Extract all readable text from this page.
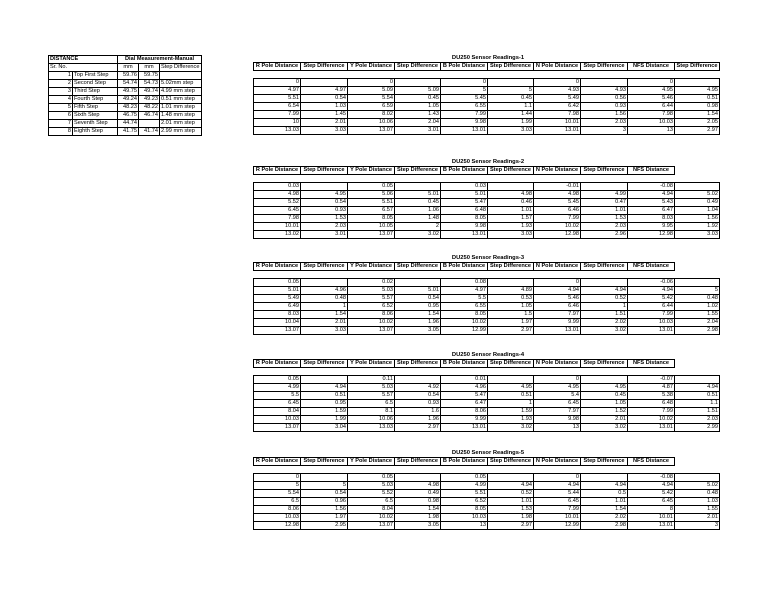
DISTANCE		Dial Measurement-Manual		
Sr. No.		mm	mm	Step Difference
1	Top First Step	59.76	59.75	
2	Second Step	54.74	54.73	5.02mm step
3	Third Step	49.75	49.74	4.99 mm step
4	Fourth Step	49.24	49.23	0.51 mm step
5	Fifth Step	48.23	48.22	1.01 mm step
6	Sixth Step	46.75	46.74	1.48 mm step
7	Seventh Step	44.74		2.01 mm step
8	Eighth Step	41.75	41.74	2.99 mm step
DU250 Sensor Readings-1
R Pole Distance	Step Difference	Y Pole Distance	Step Difference	B Pole Distance	Step Difference	N Pole Distance	Step Difference	NFS Distance	Step Difference

0		0		0		0		0	
4.97	4.97	5.09	5.09	5	5	4.93	4.93	4.95	4.95
5.51	0.54	5.54	0.45	5.45	0.45	5.49	0.56	5.46	0.51
6.54	1.03	6.59	1.05	6.55	1.1	6.42	0.93	6.44	0.98
7.99	1.45	8.02	1.43	7.99	1.44	7.98	1.56	7.98	1.54
10	2.01	10.06	2.04	9.98	1.99	10.01	2.03	10.03	2.05
13.03	3.03	13.07	3.01	13.01	3.03	13.01	3	13	2.97
DU250 Sensor Readings-2
R Pole Distance	Step Difference	Y Pole Distance	Step Difference	B Pole Distance	Step Difference	N Pole Distance	Step Difference	NFS Distance	

0.03		0.05		0.03		-0.01		-0.08	
4.98	4.95	5.06	5.01	5.01	4.98	4.98	4.99	4.94	5.02
5.52	0.54	5.51	0.45	5.47	0.46	5.45	0.47	5.43	0.49
6.45	0.93	6.57	1.06	6.48	1.01	6.46	1.01	6.47	1.04
7.98	1.53	8.05	1.48	8.05	1.57	7.99	1.53	8.03	1.56
10.01	2.03	10.05	2	9.98	1.93	10.02	2.03	9.95	1.92
13.02	3.01	13.07	3.02	13.01	3.03	12.98	2.96	12.98	3.03
DU250 Sensor Readings-3
R Pole Distance	Step Difference	Y Pole Distance	Step Difference	B Pole Distance	Step Difference	N Pole Distance	Step Difference	NFS Distance	

0.05		0.02		0.08		0		-0.06	
5.01	4.96	5.03	5.01	4.97	4.89	4.94	4.94	4.94	5
5.49	0.48	5.57	0.54	5.5	0.53	5.46	0.52	5.42	0.48
6.49	1	6.52	0.95	6.55	1.05	6.46	1	6.44	1.02
8.03	1.54	8.06	1.54	8.05	1.5	7.97	1.51	7.99	1.55
10.04	2.01	10.02	1.96	10.02	1.97	9.99	2.02	10.03	2.04
13.07	3.03	13.07	3.05	12.99	2.97	13.01	3.02	13.01	2.98
DU250 Sensor Readings-4
R Pole Distance	Step Difference	Y Pole Distance	Step Difference	B Pole Distance	Step Difference	N Pole Distance	Step Difference	NFS Distance	

0.05		0.11		0.01		0		-0.07	
4.99	4.94	5.03	4.92	4.96	4.95	4.95	4.95	4.87	4.94
5.5	0.51	5.57	0.54	5.47	0.51	5.4	0.45	5.38	0.51
6.45	0.95	6.5	0.93	6.47	1	6.45	1.05	6.48	1.1
8.04	1.59	8.1	1.6	8.06	1.59	7.97	1.52	7.99	1.51
10.03	1.99	10.06	1.96	9.99	1.93	9.98	2.01	10.02	2.03
13.07	3.04	13.03	2.97	13.01	3.02	13	3.02	13.01	2.99
DU250 Sensor Readings-5
R Pole Distance	Step Difference	Y Pole Distance	Step Difference	B Pole Distance	Step Difference	N Pole Distance	Step Difference	NFS Distance	

0		0.05		0.05		0		-0.08	
5	5	5.03	4.98	4.99	4.94	4.94	4.94	4.94	5.02
5.54	0.54	5.52	0.49	5.51	0.52	5.44	0.5	5.42	0.48
6.5	0.96	6.5	0.98	6.52	1.01	6.45	1.01	6.45	1.03
8.06	1.56	8.04	1.54	8.05	1.53	7.99	1.54	8	1.55
10.03	1.97	10.02	1.98	10.03	1.98	10.01	2.02	10.01	2.01
12.98	2.95	13.07	3.05	13	2.97	12.99	2.98	13.01	3
